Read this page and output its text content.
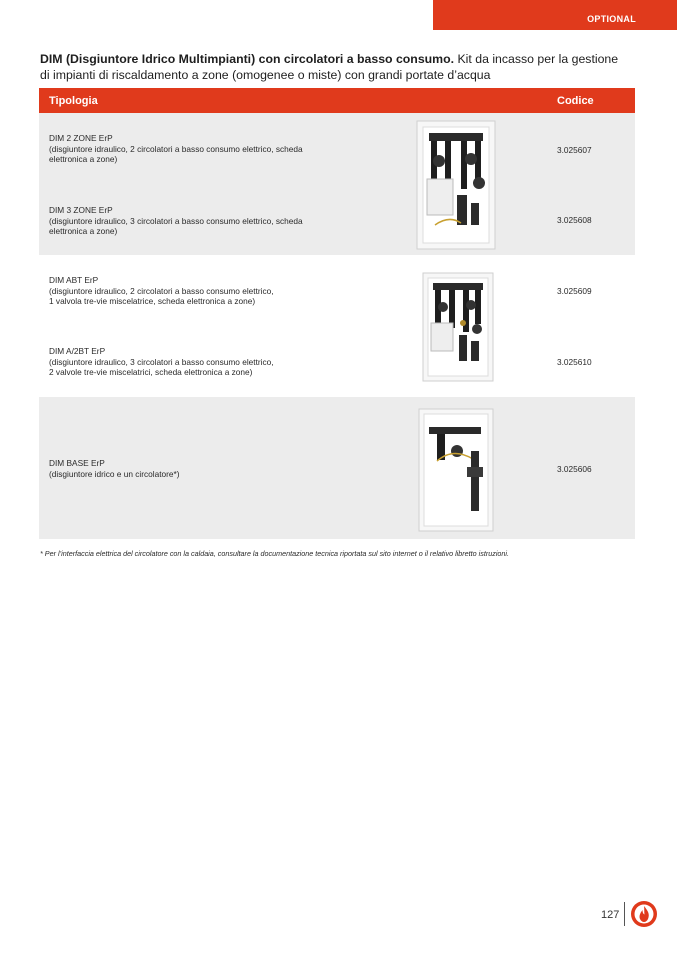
OPTIONAL
DIM (Disgiuntore Idrico Multimpianti) con circolatori a basso consumo. Kit da incasso per la gestione di impianti di riscaldamento a zone (omogenee o miste) con grandi portate d’acqua
Tipologia	Codice
DIM 2 ZONE ErP
(disgiuntore idraulico, 2 circolatori a basso consumo elettrico, scheda
elettronica a zone)
3.025607
DIM 3 ZONE ErP
(disgiuntore idraulico, 3 circolatori a basso consumo elettrico, scheda
elettronica a zone)
3.025608
DIM ABT ErP
(disgiuntore idraulico, 2 circolatori a basso consumo elettrico,
1 valvola tre-vie miscelatrice, scheda elettronica a zone)
3.025609
DIM A/2BT ErP
(disgiuntore idraulico, 3 circolatori a basso consumo elettrico,
2 valvole tre-vie miscelatrici, scheda elettronica a zone)
3.025610
DIM BASE ErP
(disgiuntore idrico e un circolatore*)	3.025606
* Per l’interfaccia elettrica del circolatore con la caldaia, consultare la documentazione tecnica riportata sul sito internet o il relativo libretto istruzioni.
127
